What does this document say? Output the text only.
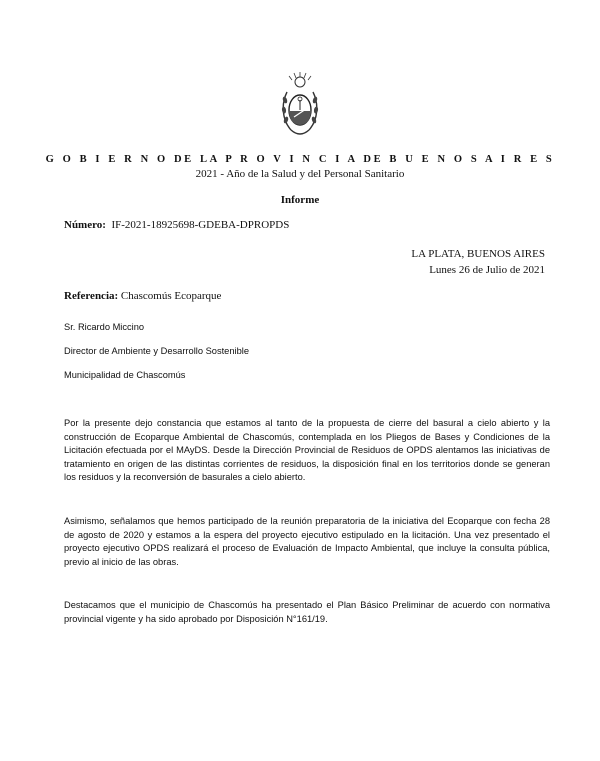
G O B I E R N O DE LA P R O V I N C I A DE B U E N O S A I R E S
2021 - Año de la Salud y del Personal Sanitario
Informe
Número: IF-2021-18925698-GDEBA-DPROPDS
LA PLATA, BUENOS AIRES
Lunes 26 de Julio de 2021
Referencia: Chascomús Ecoparque
Sr. Ricardo Miccino
Director de Ambiente y Desarrollo Sostenible
Municipalidad de Chascomús

Por la presente dejo constancia que estamos al tanto de la propuesta de cierre del basural a cielo abierto y la construcción de Ecoparque Ambiental de Chascomús, contemplada en los Pliegos de Bases y Condiciones de la Licitación efectuada por el MAyDS. Desde la Dirección Provincial de Residuos de OPDS alentamos las iniciativas de tratamiento en origen de las distintas corrientes de residuos, la disposición final en los territorios donde se generan los residuos y la reconversión de basurales a cielo abierto.

Asimismo, señalamos que hemos participado de la reunión preparatoria de la iniciativa del Ecoparque con fecha 28 de agosto de 2020 y estamos a la espera del proyecto ejecutivo estipulado en la licitación. Una vez presentado el proyecto ejecutivo OPDS realizará el proceso de Evaluación de Impacto Ambiental, que incluye la consulta pública, previo al inicio de las obras.

Destacamos que el municipio de Chascomús ha presentado el Plan Básico Preliminar de acuerdo con normativa provincial vigente y ha sido aprobado por Disposición N°161/19.
